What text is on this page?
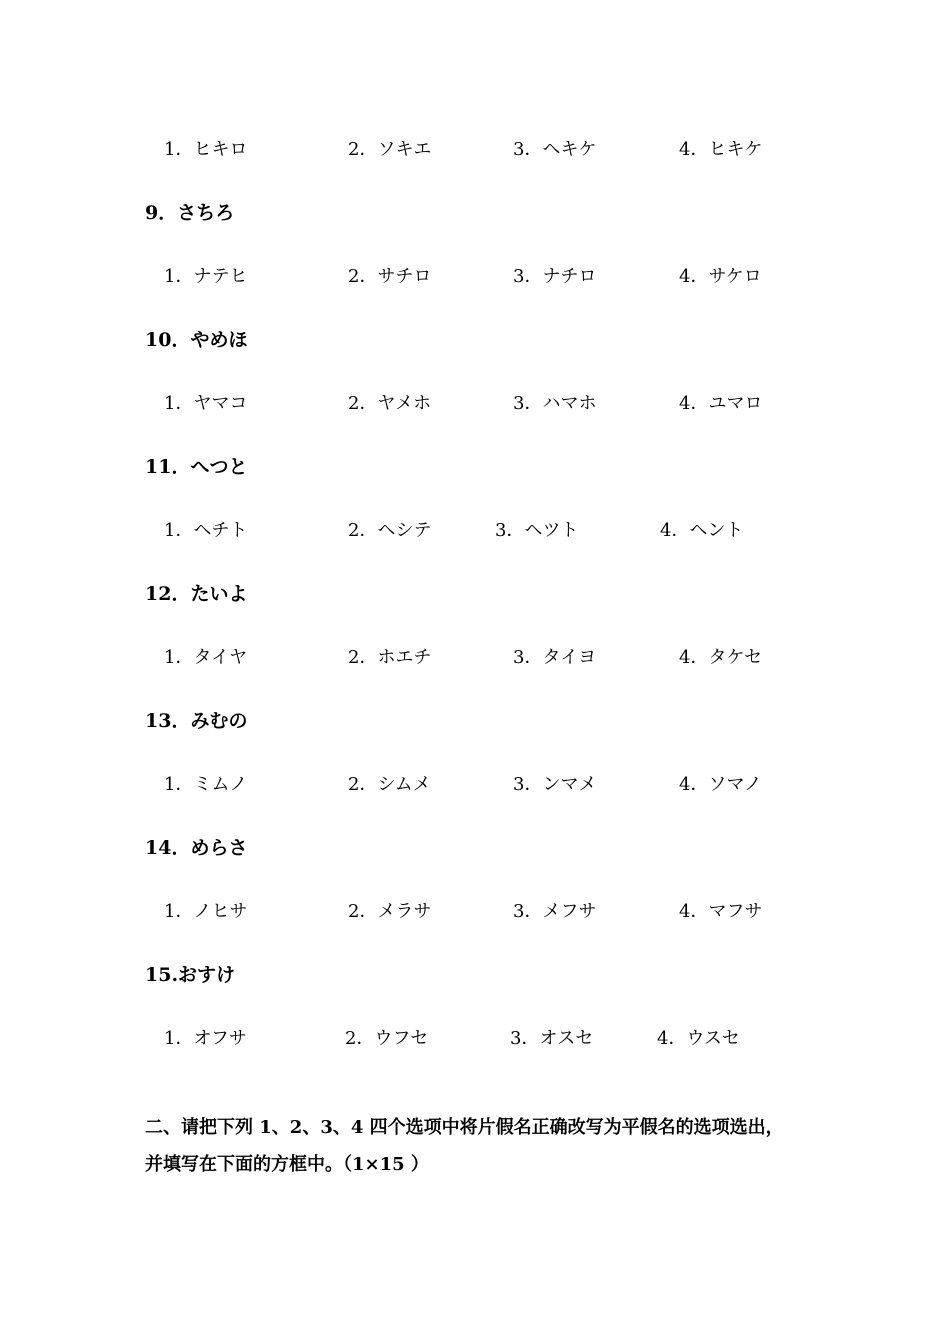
1．ヒキロ	2．ソキエ	3．ヘキケ	4．ヒキケ
9．さちろ
1．ナテヒ	2．サチロ	3．ナチロ	4．サケロ
10．やめほ
1．ヤマコ	2．ヤメホ	3．ハマホ	4．ユマロ
11．へつと
1．ヘチト	2．ヘシテ	3．ヘツト	4．ヘント
12．たいよ
1．タイヤ	2．ホエチ	3．タイヨ	4．タケセ
13．みむの
1．ミムノ	2．シムメ	3．ンマメ	4．ソマノ
14．めらさ
1．ノヒサ	2．メラサ	3．メフサ	4．マフサ
15.おすけ
1．オフサ	2．ウフセ	3．オスセ	4．ウスセ
二、请把下列 1、2、3、4 四个选项中将片假名正确改写为平假名的选项选出，
并填写在下面的方框中。（1×15 ）
